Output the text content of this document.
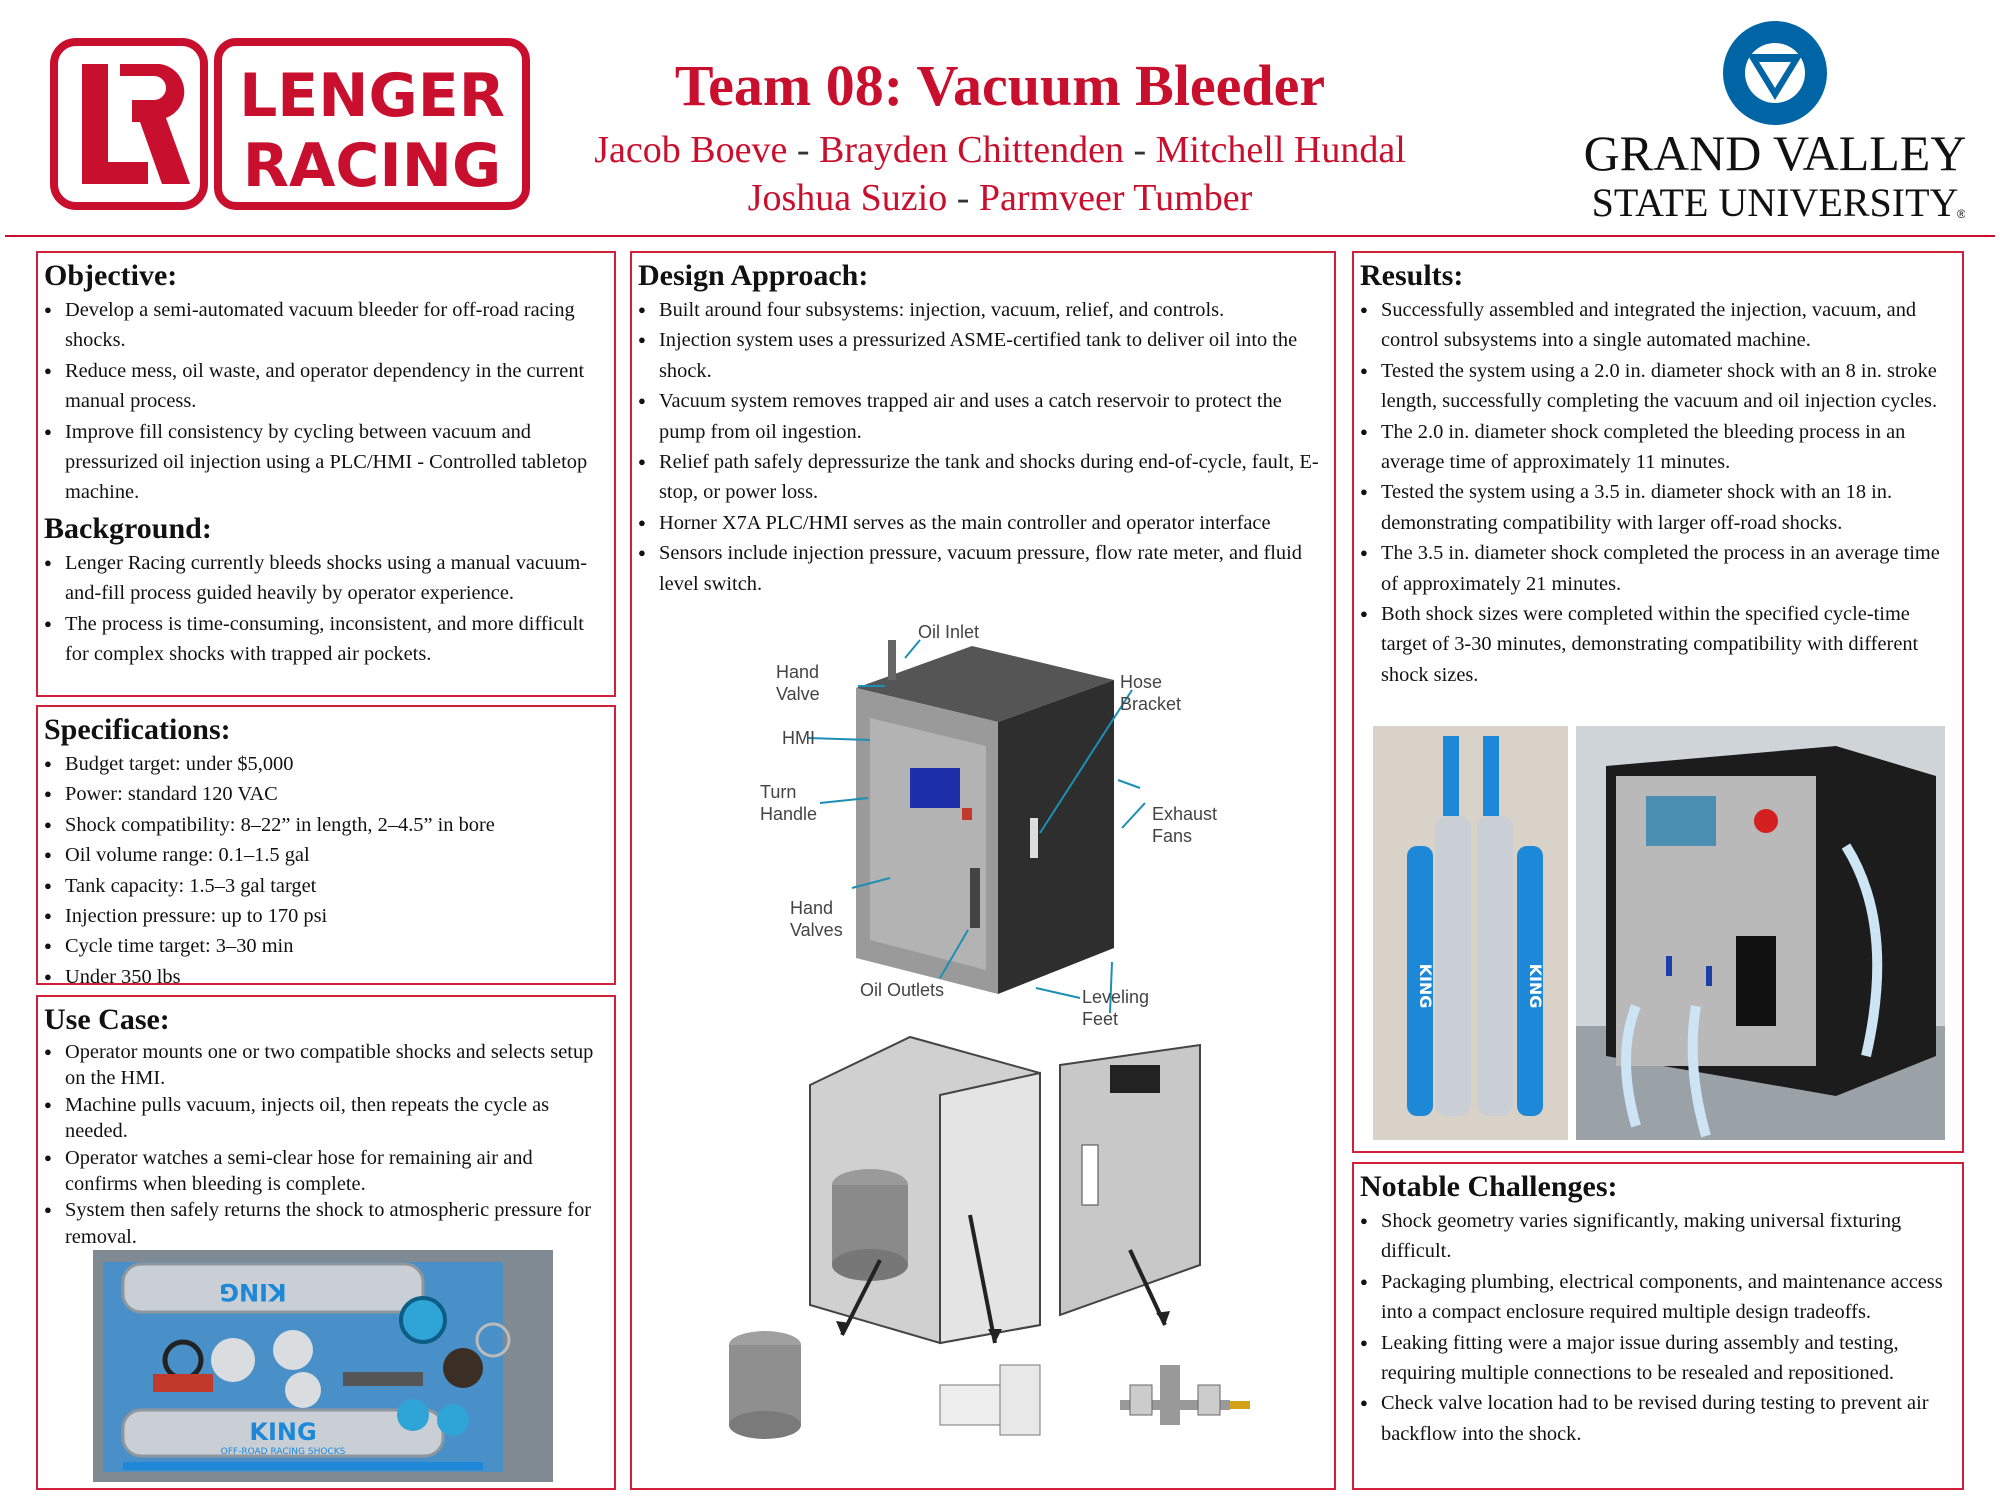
LENGER
RACING
Team 08: Vacuum Bleeder
Jacob Boeve - Brayden Chittenden - Mitchell Hundal
Joshua Suzio - Parmveer Tumber
GRAND VALLEY
STATE UNIVERSITY
®
Objective:
● Develop a semi-automated vacuum bleeder for off-road racing shocks.
● Reduce mess, oil waste, and operator dependency in the current manual process.
● Improve fill consistency by cycling between vacuum and pressurized oil injection using a PLC/HMI - Controlled tabletop machine.
Background:
● Lenger Racing currently bleeds shocks using a manual vacuum-and-fill process guided heavily by operator experience.
● The process is time-consuming, inconsistent, and more difficult for complex shocks with trapped air pockets.
Specifications:
● Budget target: under $5,000
● Power: standard 120 VAC
● Shock compatibility: 8–22” in length, 2–4.5” in bore
● Oil volume range: 0.1–1.5 gal
● Tank capacity: 1.5–3 gal target
● Injection pressure: up to 170 psi
● Cycle time target: 3–30 min
● Under 350 lbs
Use Case:
● Operator mounts one or two compatible shocks and selects setup on the HMI.
● Machine pulls vacuum, injects oil, then repeats the cycle as needed.
● Operator watches a semi-clear hose for remaining air and confirms when bleeding is complete.
● System then safely returns the shock to atmospheric pressure for removal.
KING
KING
OFF-ROAD RACING SHOCKS
Design Approach:
● Built around four subsystems: injection, vacuum, relief, and controls.
● Injection system uses a pressurized ASME-certified tank to deliver oil into the shock.
● Vacuum system removes trapped air and uses a catch reservoir to protect the pump from oil ingestion.
● Relief path safely depressurize the tank and shocks during end-of-cycle, fault, E-stop, or power loss.
● Horner X7A PLC/HMI serves as the main controller and operator interface
● Sensors include injection pressure, vacuum pressure, flow rate meter, and fluid level switch.
Oil Inlet
Hand
Valve
HMI
Hose
Bracket
Turn
Handle	Exhaust
Fans
Hand
Valves
Oil Outlets	Leveling
Feet
Results:
● Successfully assembled and integrated the injection, vacuum, and control subsystems into a single automated machine.
● Tested the system using a 2.0 in. diameter shock with an 8 in. stroke length, successfully completing the vacuum and oil injection cycles.
● The 2.0 in. diameter shock completed the bleeding process in an average time of approximately 11 minutes.
● Tested the system using a 3.5 in. diameter shock with an 18 in. demonstrating compatibility with larger off-road shocks.
● The 3.5 in. diameter shock completed the process in an average time of approximately 21 minutes.
● Both shock sizes were completed within the specified cycle-time target of 3-30 minutes, demonstrating compatibility with different shock sizes.
KING	KING
Notable Challenges:
● Shock geometry varies significantly, making universal fixturing difficult.
● Packaging plumbing, electrical components, and maintenance access into a compact enclosure required multiple design tradeoffs.
● Leaking fitting were a major issue during assembly and testing, requiring multiple connections to be resealed and repositioned.
● Check valve location had to be revised during testing to prevent air backflow into the shock.
